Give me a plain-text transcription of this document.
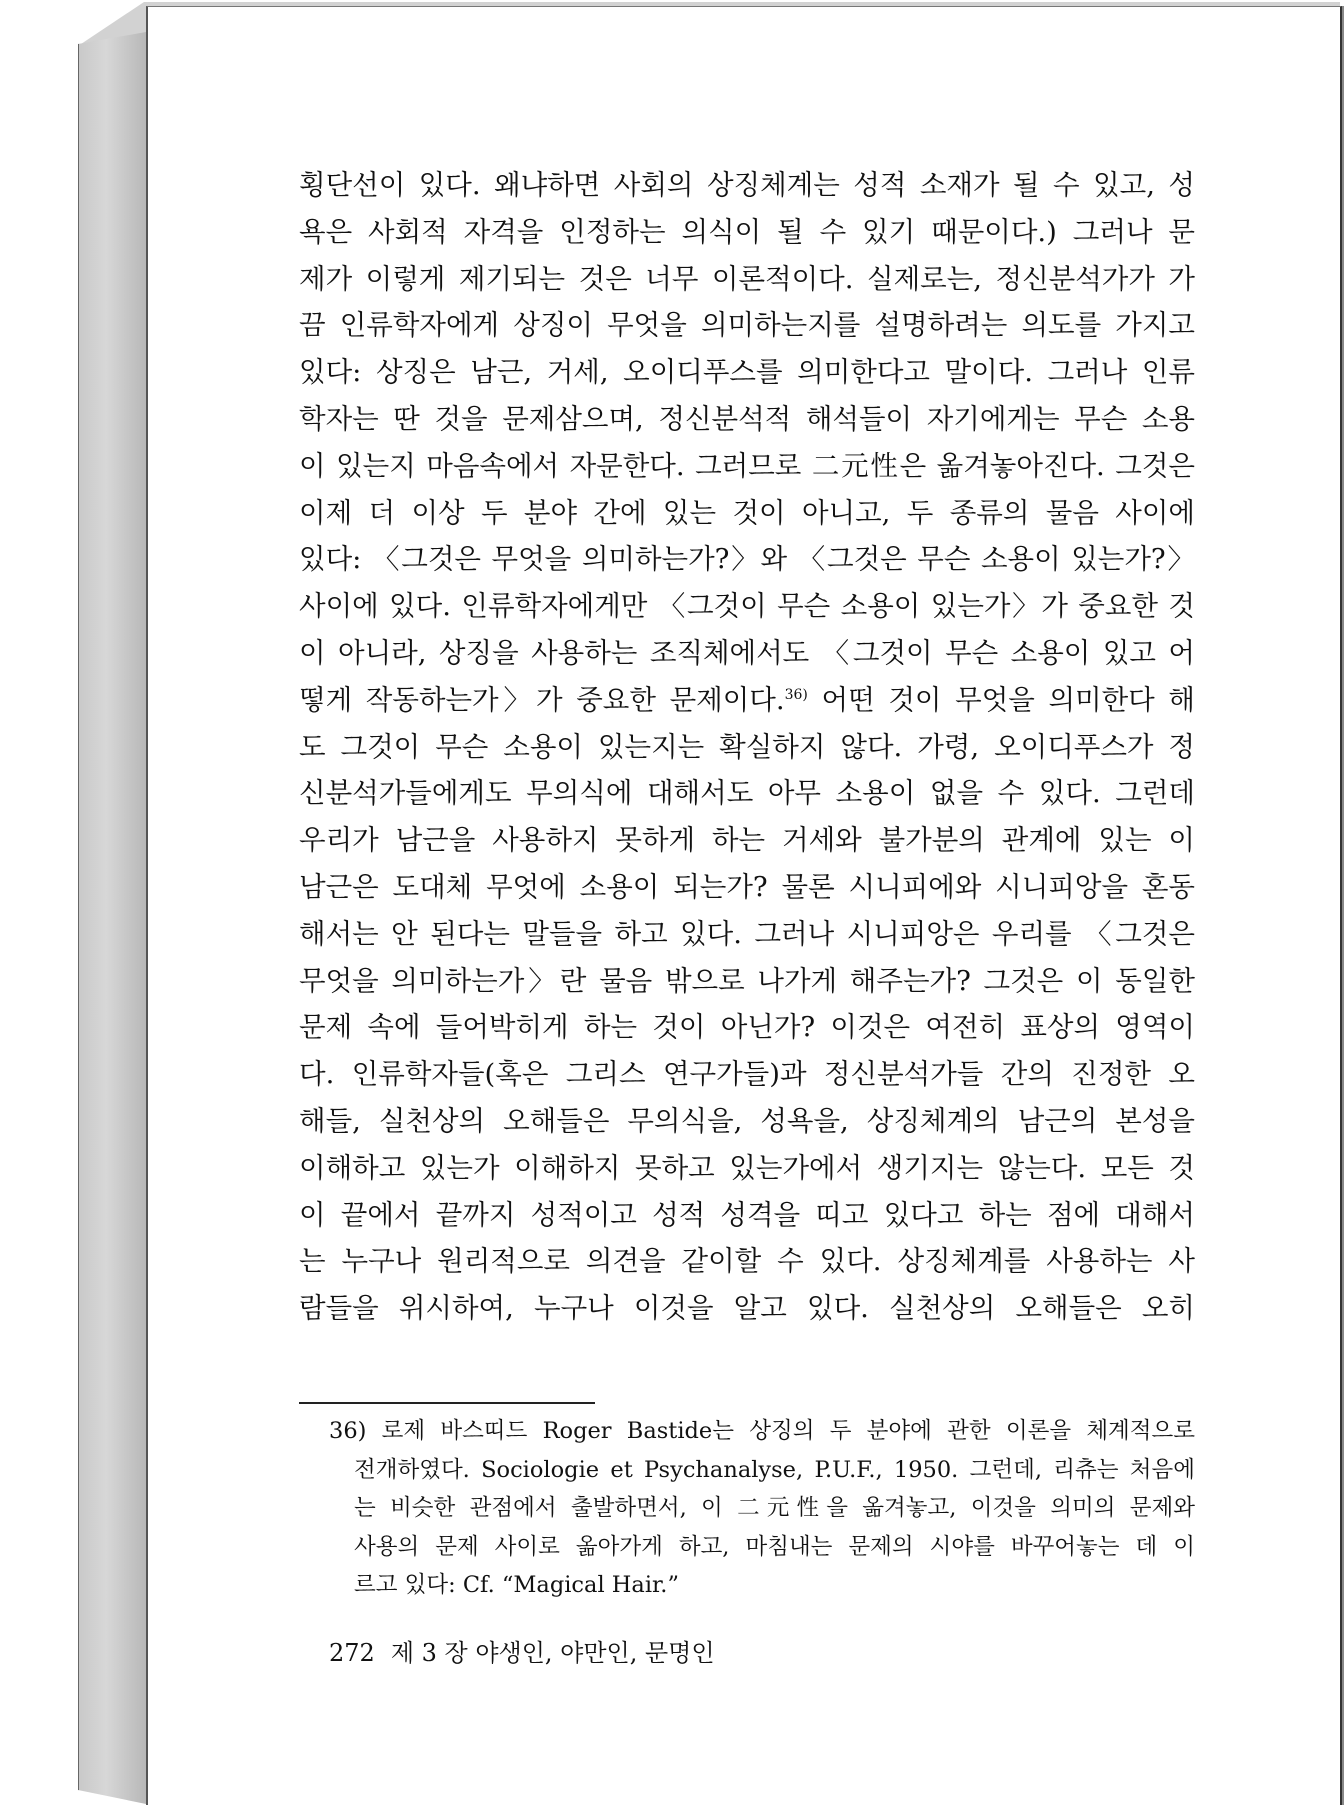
횡단선이 있다. 왜냐하면 사회의 상징체계는 성적 소재가 될 수 있고, 성
욕은 사회적 자격을 인정하는 의식이 될 수 있기 때문이다.) 그러나 문
제가 이렇게 제기되는 것은 너무 이론적이다. 실제로는, 정신분석가가 가
끔 인류학자에게 상징이 무엇을 의미하는지를 설명하려는 의도를 가지고
있다: 상징은 남근, 거세, 오이디푸스를 의미한다고 말이다. 그러나 인류
학자는 딴 것을 문제삼으며, 정신분석적 해석들이 자기에게는 무슨 소용
이 있는지 마음속에서 자문한다. 그러므로 二元性은 옮겨놓아진다. 그것은
이제 더 이상 두 분야 간에 있는 것이 아니고, 두 종류의 물음 사이에
있다: 〈그것은 무엇을 의미하는가?〉와 〈그것은 무슨 소용이 있는가?〉
사이에 있다. 인류학자에게만 〈그것이 무슨 소용이 있는가〉가 중요한 것
이 아니라, 상징을 사용하는 조직체에서도 〈그것이 무슨 소용이 있고 어
떻게 작동하는가〉가 중요한 문제이다.$^{36)}$ 어떤 것이 무엇을 의미한다 해
도 그것이 무슨 소용이 있는지는 확실하지 않다. 가령, 오이디푸스가 정
신분석가들에게도 무의식에 대해서도 아무 소용이 없을 수 있다. 그런데
우리가 남근을 사용하지 못하게 하는 거세와 불가분의 관계에 있는 이
남근은 도대체 무엇에 소용이 되는가? 물론 시니피에와 시니피앙을 혼동
해서는 안 된다는 말들을 하고 있다. 그러나 시니피앙은 우리를 〈그것은
무엇을 의미하는가〉란 물음 밖으로 나가게 해주는가? 그것은 이 동일한
문제 속에 들어박히게 하는 것이 아닌가? 이것은 여전히 표상의 영역이
다. 인류학자들(혹은 그리스 연구가들)과 정신분석가들 간의 진정한 오
해들, 실천상의 오해들은 무의식을, 성욕을, 상징체계의 남근의 본성을
이해하고 있는가 이해하지 못하고 있는가에서 생기지는 않는다. 모든 것
이 끝에서 끝까지 성적이고 성적 성격을 띠고 있다고 하는 점에 대해서
는 누구나 원리적으로 의견을 같이할 수 있다. 상징체계를 사용하는 사
람들을 위시하여, 누구나 이것을 알고 있다. 실천상의 오해들은 오히
36) 로제 바스띠드 Roger Bastide는 상징의 두 분야에 관한 이론을 체계적으로
전개하였다. Sociologie et Psychanalyse, P.U.F., 1950. 그런데, 리츄는 처음에
는 비슷한 관점에서 출발하면서, 이 二元性을 옮겨놓고, 이것을 의미의 문제와
사용의 문제 사이로 옮아가게 하고, 마침내는 문제의 시야를 바꾸어놓는 데 이
르고 있다: Cf. “Magical Hair.”
272 제 3 장 야생인, 야만인, 문명인
